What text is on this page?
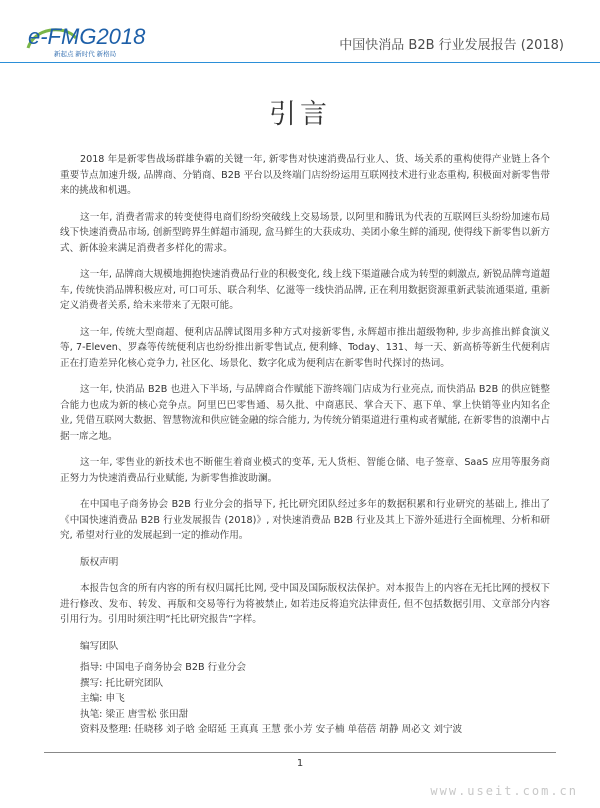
e-FMG2018
新起点 新时代 新格局
中国快消品 B2B 行业发展报告 (2018)
引言

2018 年是新零售战场群雄争霸的关键一年, 新零售对快速消费品行业人、货、场关系的重构使得产业链上各个重要节点加速升级, 品牌商、分销商、B2B 平台以及终端门店纷纷运用互联网技术进行业态重构, 积极面对新零售带来的挑战和机遇。

这一年, 消费者需求的转变使得电商们纷纷突破线上交易场景, 以阿里和腾讯为代表的互联网巨头纷纷加速布局线下快速消费品市场, 创新型跨界生鲜超市涌现, 盒马鲜生的大获成功、美团小象生鲜的涌现, 使得线下新零售以新方式、新体验来满足消费者多样化的需求。

这一年, 品牌商大规模地拥抱快速消费品行业的积极变化, 线上线下渠道融合成为转型的刺激点, 新锐品牌弯道超车, 传统快消品牌积极应对, 可口可乐、联合利华、亿滋等一线快消品牌, 正在利用数据资源重新武装流通渠道, 重新定义消费者关系, 给未来带来了无限可能。

这一年, 传统大型商超、便利店品牌试图用多种方式对接新零售, 永辉超市推出超级物种, 步步高推出鲜食演义等, 7-Eleven、罗森等传统便利店也纷纷推出新零售试点, 便利蜂、Today、131、每一天、新高桥等新生代便利店正在打造差异化核心竞争力, 社区化、场景化、数字化成为便利店在新零售时代探讨的热词。

这一年, 快消品 B2B 也进入下半场, 与品牌商合作赋能下游终端门店成为行业亮点, 而快消品 B2B 的供应链整合能力也成为新的核心竞争点。阿里巴巴零售通、易久批、中商惠民、掌合天下、惠下单、掌上快销等业内知名企业, 凭借互联网大数据、智慧物流和供应链金融的综合能力, 为传统分销渠道进行重构或者赋能, 在新零售的浪潮中占据一席之地。

这一年, 零售业的新技术也不断催生着商业模式的变革, 无人货柜、智能仓储、电子签章、SaaS 应用等服务商正努力为快速消费品行业赋能, 为新零售推波助澜。

在中国电子商务协会 B2B 行业分会的指导下, 托比研究团队经过多年的数据积累和行业研究的基础上, 推出了《中国快速消费品 B2B 行业发展报告 (2018)》, 对快速消费品 B2B 行业及其上下游外延进行全面梳理、分析和研究, 希望对行业的发展起到一定的推动作用。

版权声明

本报告包含的所有内容的所有权归属托比网, 受中国及国际版权法保护。对本报告上的内容在无托比网的授权下进行修改、发布、转发、再版和交易等行为将被禁止, 如若违反将追究法律责任, 但不包括数据引用、文章部分内容引用行为。引用时须注明“托比研究报告”字样。

编写团队
指导: 中国电子商务协会 B2B 行业分会
撰写: 托比研究团队
主编: 申飞
执笔: 梁正 唐雪松 张田甜
资料及整理: 任晓移 刘子晗 金昭延 王真真 王慧 张小芳 安子楠 单蓓蓓 胡静 周必文 刘宁波
1
www.useit.com.cn
